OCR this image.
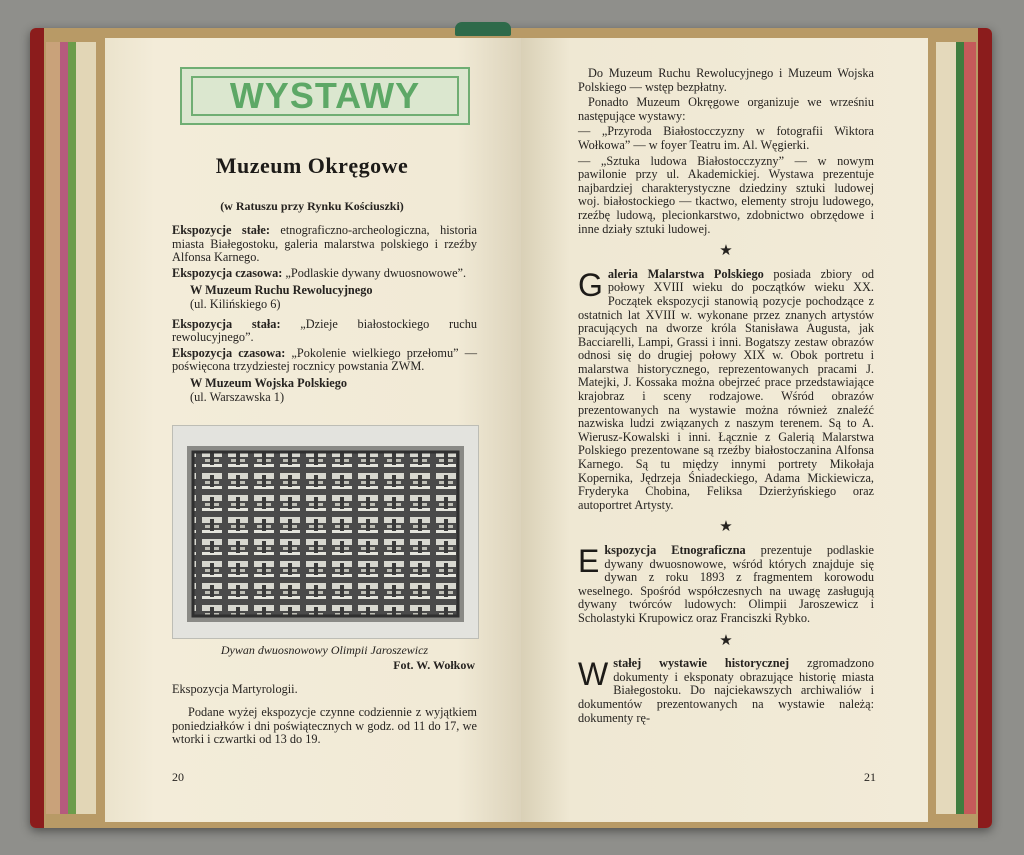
WYSTAWY
Muzeum Okręgowe
(w Ratuszu przy Rynku Kościuszki)

Ekspozycje stałe: etnograficzno-archeologiczna, historia miasta Białegostoku, galeria malarstwa polskiego i rzeźby Alfonsa Karnego.

Ekspozycja czasowa: „Podlaskie dywany dwuosnowowe”.

W Muzeum Ruchu Rewolucyjnego

(ul. Kilińskiego 6)

Ekspozycja stała: „Dzieje białostockiego ruchu rewolucyjnego”.

Ekspozycja czasowa: „Pokolenie wielkiego przełomu” — poświęcona trzydziestej rocznicy powstania ZWM.

W Muzeum Wojska Polskiego

(ul. Warszawska 1)

Dywan dwuosnowowy Olimpii Jaroszewicz
Fot. W. Wołkow
Ekspozycja Martyrologii.
Podane wyżej ekspozycje czynne codziennie z wyjątkiem poniedziałków i dni poświątecznych w godz. od 11 do 17, we wtorki i czwartki od 13 do 19.
20

Do Muzeum Ruchu Rewolucyjnego i Muzeum Wojska Polskiego — wstęp bezpłatny.

Ponadto Muzeum Okręgowe organizuje we wrześniu następujące wystawy:

— „Przyroda Białostocczyzny w fotografii Wiktora Wołkowa” — w foyer Teatru im. Al. Węgierki.

— „Sztuka ludowa Białostocczyzny” — w nowym pawilonie przy ul. Akademickiej. Wystawa prezentuje najbardziej charakterystyczne dziedziny sztuki ludowej woj. białostockiego — tkactwo, elementy stroju ludowego, rzeźbę ludową, plecionkarstwo, zdobnictwo obrzędowe i inne działy sztuki ludowej.

★

Galeria Malarstwa Polskiego posiada zbiory od połowy XVIII wieku do początków wieku XX. Początek ekspozycji stanowią pozycje pochodzące z ostatnich lat XVIII w. wykonane przez znanych artystów pracujących na dworze króla Stanisława Augusta, jak Bacciarelli, Lampi, Grassi i inni. Bogatszy zestaw obrazów odnosi się do drugiej połowy XIX w. Obok portretu i malarstwa historycznego, reprezentowanych pracami J. Matejki, J. Kossaka można obejrzeć prace przedstawiające krajobraz i sceny rodzajowe. Wśród obrazów prezentowanych na wystawie można również znaleźć nazwiska ludzi związanych z naszym terenem. Są to A. Wierusz-Kowalski i inni. Łącznie z Galerią Malarstwa Polskiego prezentowane są rzeźby białostoczanina Alfonsa Karnego. Są tu między innymi portrety Mikołaja Kopernika, Jędrzeja Śniadeckiego, Adama Mickiewicza, Fryderyka Chobina, Feliksa Dzierżyńskiego oraz autoportret Artysty.

★

Ekspozycja Etnograficzna prezentuje podlaskie dywany dwuosnowowe, wśród których znajduje się dywan z roku 1893 z fragmentem korowodu weselnego. Spośród współczesnych na uwagę zasługują dywany twórców ludowych: Olimpii Jaroszewicz i Scholastyki Krupowicz oraz Franciszki Rybko.

★

W stałej wystawie historycznej zgromadzono dokumenty i eksponaty obrazujące historię miasta Białegostoku. Do najciekawszych archiwaliów i dokumentów prezentowanych na wystawie należą: dokumenty rę-

21
